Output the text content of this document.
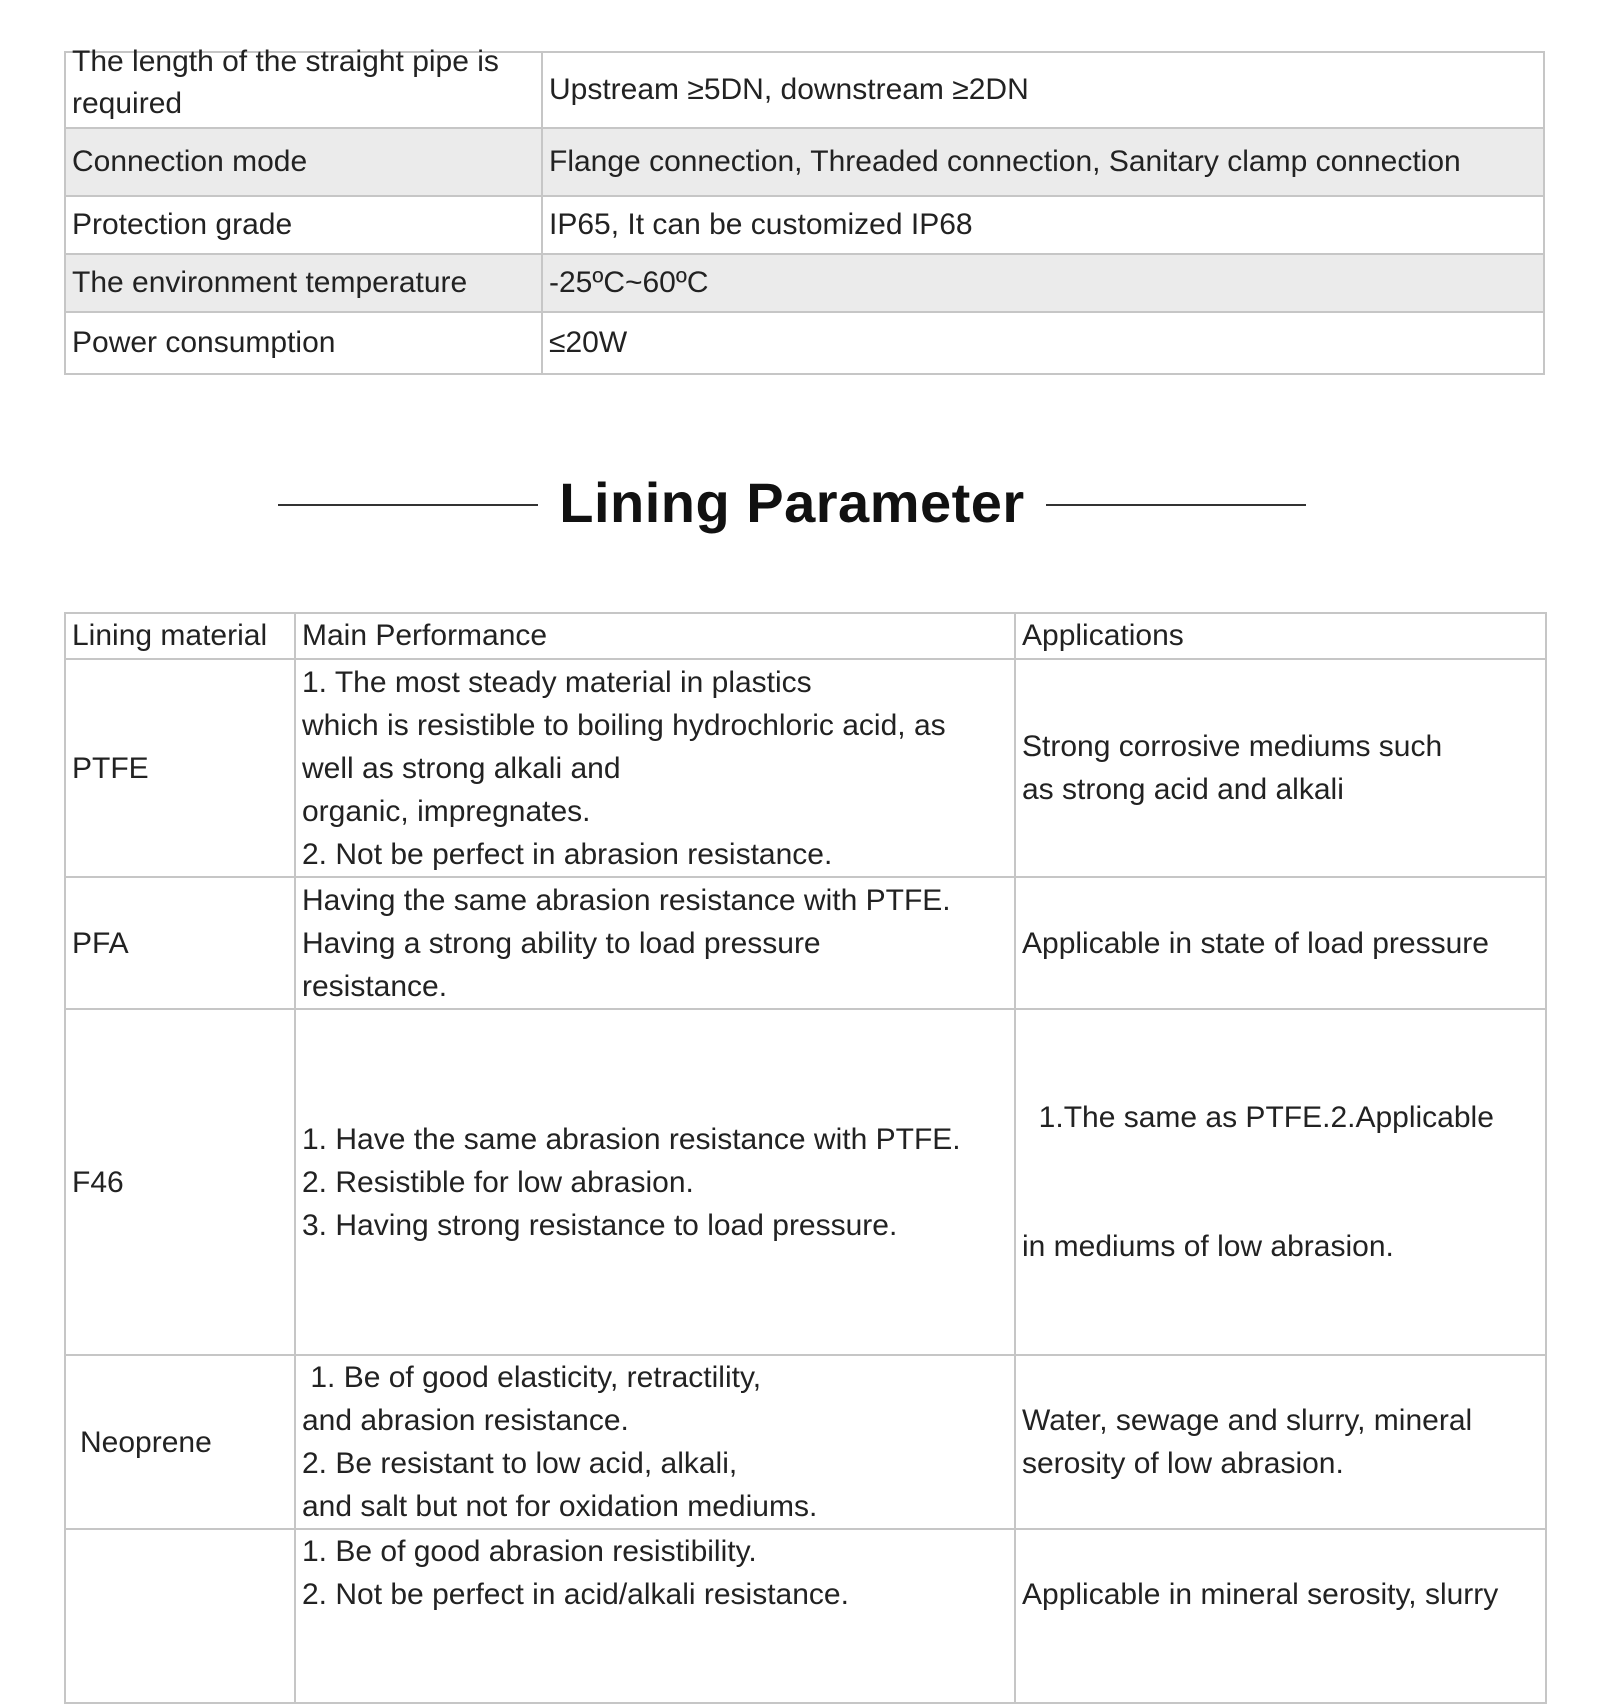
The length of the straight pipe is required	Upstream ≥5DN, downstream ≥2DN
Connection mode	Flange connection, Threaded connection, Sanitary clamp connection
Protection grade	IP65, It can be customized IP68
The environment temperature	-25ºC~60ºC
Power consumption	≤20W
Lining Parameter
Lining material	Main Performance	Applications
PTFE	1. The most steady material in plastics
which is resistible to boiling hydrochloric acid, as
well as strong alkali and
organic, impregnates.
2. Not be perfect in abrasion resistance.	Strong corrosive mediums such
as strong acid and alkali

PFA	Having the same abrasion resistance with PTFE.
Having a strong ability to load pressure
resistance.	Applicable in state of load pressure

F46	1. Have the same abrasion resistance with PTFE.
2. Resistible for low abrasion.
3. Having strong resistance to load pressure.	1.The same as PTFE.2.Applicable

in mediums of low abrasion.

Neoprene	1. Be of good elasticity, retractility,
and abrasion resistance.
2. Be resistant to low acid, alkali,
and salt but not for oxidation mediums.	Water, sewage and slurry, mineral
serosity of low abrasion.

	1. Be of good abrasion resistibility.
2. Not be perfect in acid/alkali resistance.	Applicable in mineral serosity, slurry
